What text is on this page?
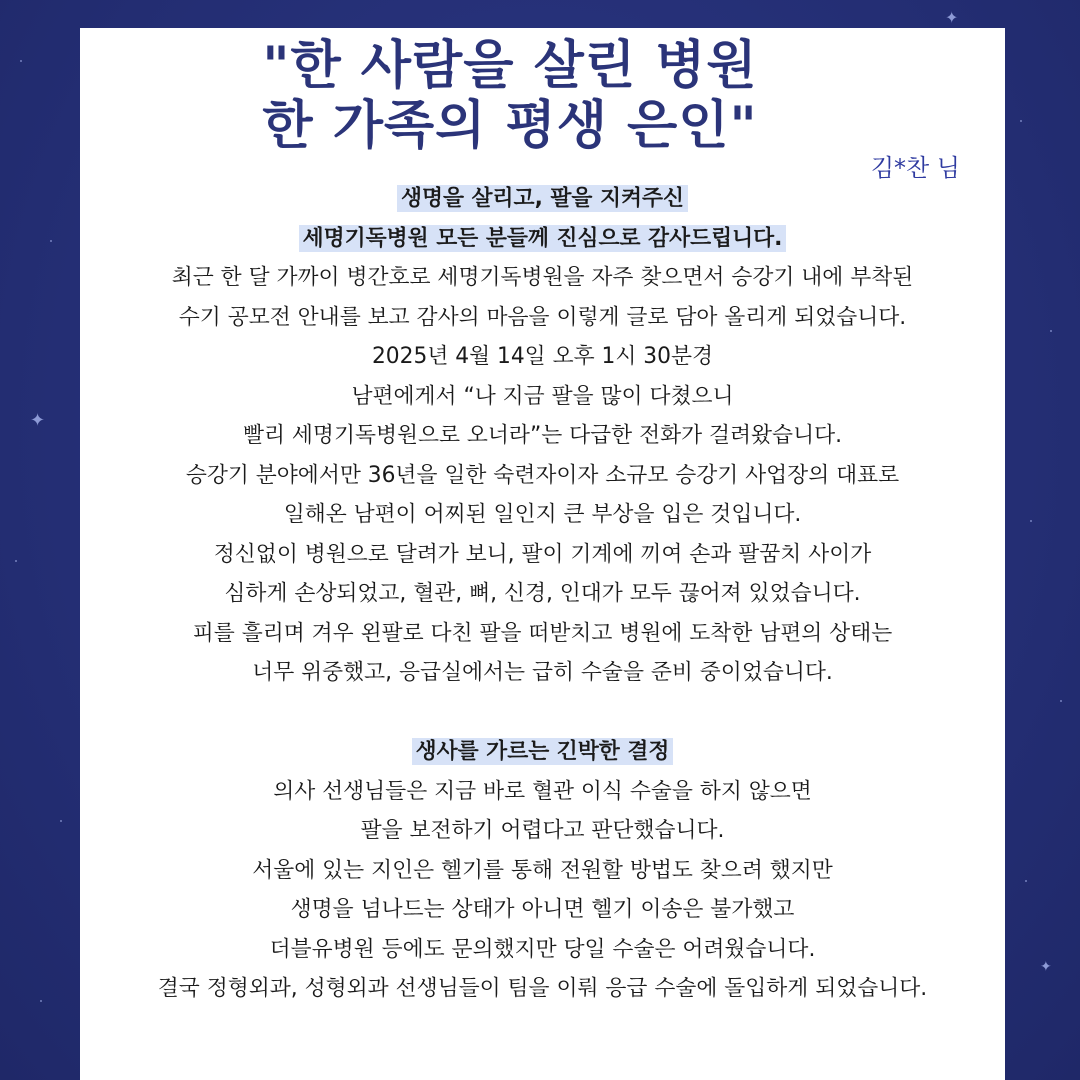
✦
✦
✦
"한 사람을 살린 병원
한 가족의 평생 은인"
김*찬 님
생명을 살리고, 팔을 지켜주신
세명기독병원 모든 분들께 진심으로 감사드립니다.
최근 한 달 가까이 병간호로 세명기독병원을 자주 찾으면서 승강기 내에 부착된
수기 공모전 안내를 보고 감사의 마음을 이렇게 글로 담아 올리게 되었습니다.
2025년 4월 14일 오후 1시 30분경
남편에게서 “나 지금 팔을 많이 다쳤으니
빨리 세명기독병원으로 오너라”는 다급한 전화가 걸려왔습니다.
승강기 분야에서만 36년을 일한 숙련자이자 소규모 승강기 사업장의 대표로
일해온 남편이 어찌된 일인지 큰 부상을 입은 것입니다.
정신없이 병원으로 달려가 보니, 팔이 기계에 끼여 손과 팔꿈치 사이가
심하게 손상되었고, 혈관, 뼈, 신경, 인대가 모두 끊어져 있었습니다.
피를 흘리며 겨우 왼팔로 다친 팔을 떠받치고 병원에 도착한 남편의 상태는
너무 위중했고, 응급실에서는 급히 수술을 준비 중이었습니다.
생사를 가르는 긴박한 결정
의사 선생님들은 지금 바로 혈관 이식 수술을 하지 않으면
팔을 보전하기 어렵다고 판단했습니다.
서울에 있는 지인은 헬기를 통해 전원할 방법도 찾으려 했지만
생명을 넘나드는 상태가 아니면 헬기 이송은 불가했고
더블유병원 등에도 문의했지만 당일 수술은 어려웠습니다.
결국 정형외과, 성형외과 선생님들이 팀을 이뤄 응급 수술에 돌입하게 되었습니다.
